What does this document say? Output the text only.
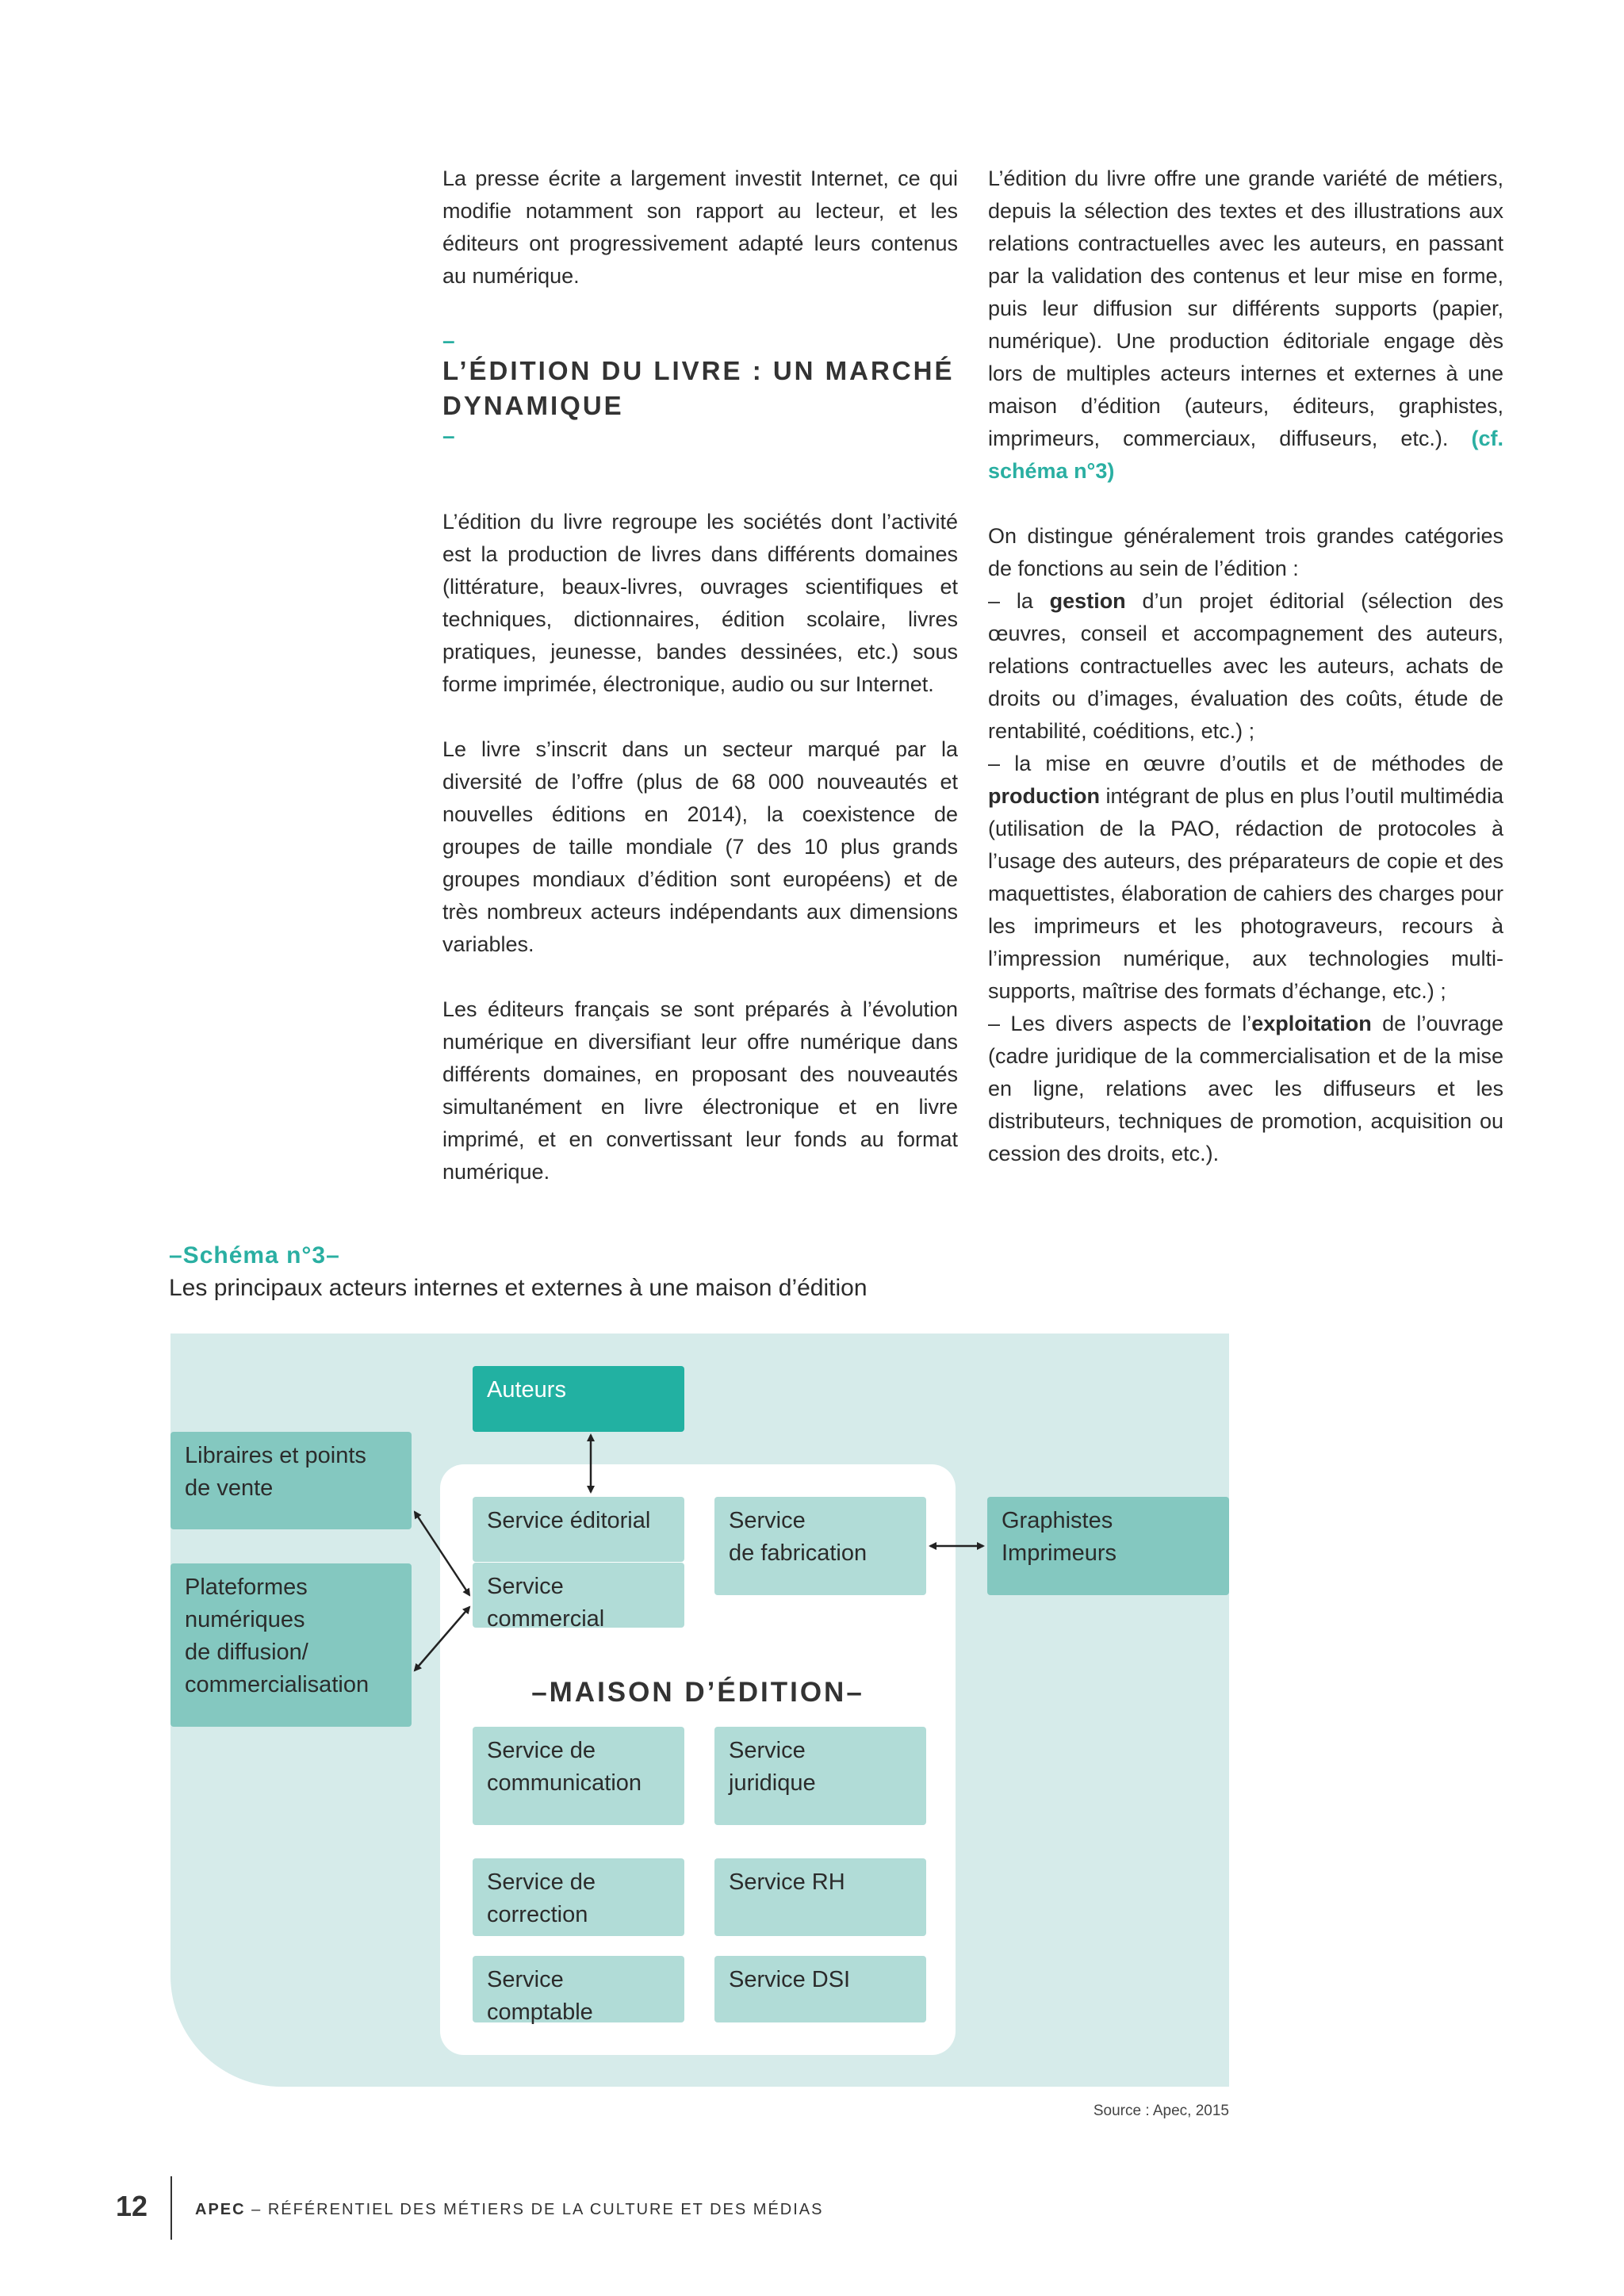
La presse écrite a largement investit Internet, ce qui modifie notamment son rapport au lecteur, et les éditeurs ont progressivement adapté leurs contenus au numérique.

–
L’ÉDITION DU LIVRE : UN MARCHÉ DYNAMIQUE
–

L’édition du livre regroupe les sociétés dont l’activité est la production de livres dans différents domaines (littérature, beaux-livres, ouvrages scientifiques et techniques, dictionnaires, édition scolaire, livres pratiques, jeunesse, bandes dessinées, etc.) sous forme imprimée, électronique, audio ou sur Internet.

Le livre s’inscrit dans un secteur marqué par la diversité de l’offre (plus de 68 000 nouveautés et nouvelles éditions en 2014), la coexistence de groupes de taille mondiale (7 des 10 plus grands groupes mondiaux d’édition sont européens) et de très nombreux acteurs indépendants aux dimensions variables.

Les éditeurs français se sont préparés à l’évolution numérique en diversifiant leur offre numérique dans différents domaines, en proposant des nouveautés simultanément en livre électronique et en livre imprimé, et en convertissant leur fonds au format numérique.

L’édition du livre offre une grande variété de métiers, depuis la sélection des textes et des illustrations aux relations contractuelles avec les auteurs, en passant par la validation des contenus et leur mise en forme, puis leur diffusion sur différents supports (papier, numérique). Une production éditoriale engage dès lors de multiples acteurs internes et externes à une maison d’édition (auteurs, éditeurs, graphistes, imprimeurs, commerciaux, diffuseurs, etc.). (cf. schéma n°3)

On distingue généralement trois grandes catégories de fonctions au sein de l’édition :
– la gestion d’un projet éditorial (sélection des œuvres, conseil et accompagnement des auteurs, relations contractuelles avec les auteurs, achats de droits ou d’images, évaluation des coûts, étude de rentabilité, coéditions, etc.) ;
– la mise en œuvre d’outils et de méthodes de production intégrant de plus en plus l’outil multimédia (utilisation de la PAO, rédaction de protocoles à l’usage des auteurs, des préparateurs de copie et des maquettistes, élaboration de cahiers des charges pour les imprimeurs et les photograveurs, recours à l’impression numérique, aux technologies multi-supports, maîtrise des formats d’échange, etc.) ;
– Les divers aspects de l’exploitation de l’ouvrage (cadre juridique de la commercialisation et de la mise en ligne, relations avec les diffuseurs et les distributeurs, techniques de promotion, acquisition ou cession des droits, etc.).

–Schéma n°3–
Les principaux acteurs internes et externes à une maison d’édition
–MAISON D’ÉDITION–
Auteurs
Libraires et points
de vente
Plateformes
numériques
de diffusion/
commercialisation
Service éditorial
Service
commercial
Service
de fabrication
Graphistes
Imprimeurs
Service de
communication
Service
juridique
Service de
correction
Service RH
Service comptable
Service DSI
Source : Apec, 2015
12	APEC – RÉFÉRENTIEL DES MÉTIERS DE LA CULTURE ET DES MÉDIAS
